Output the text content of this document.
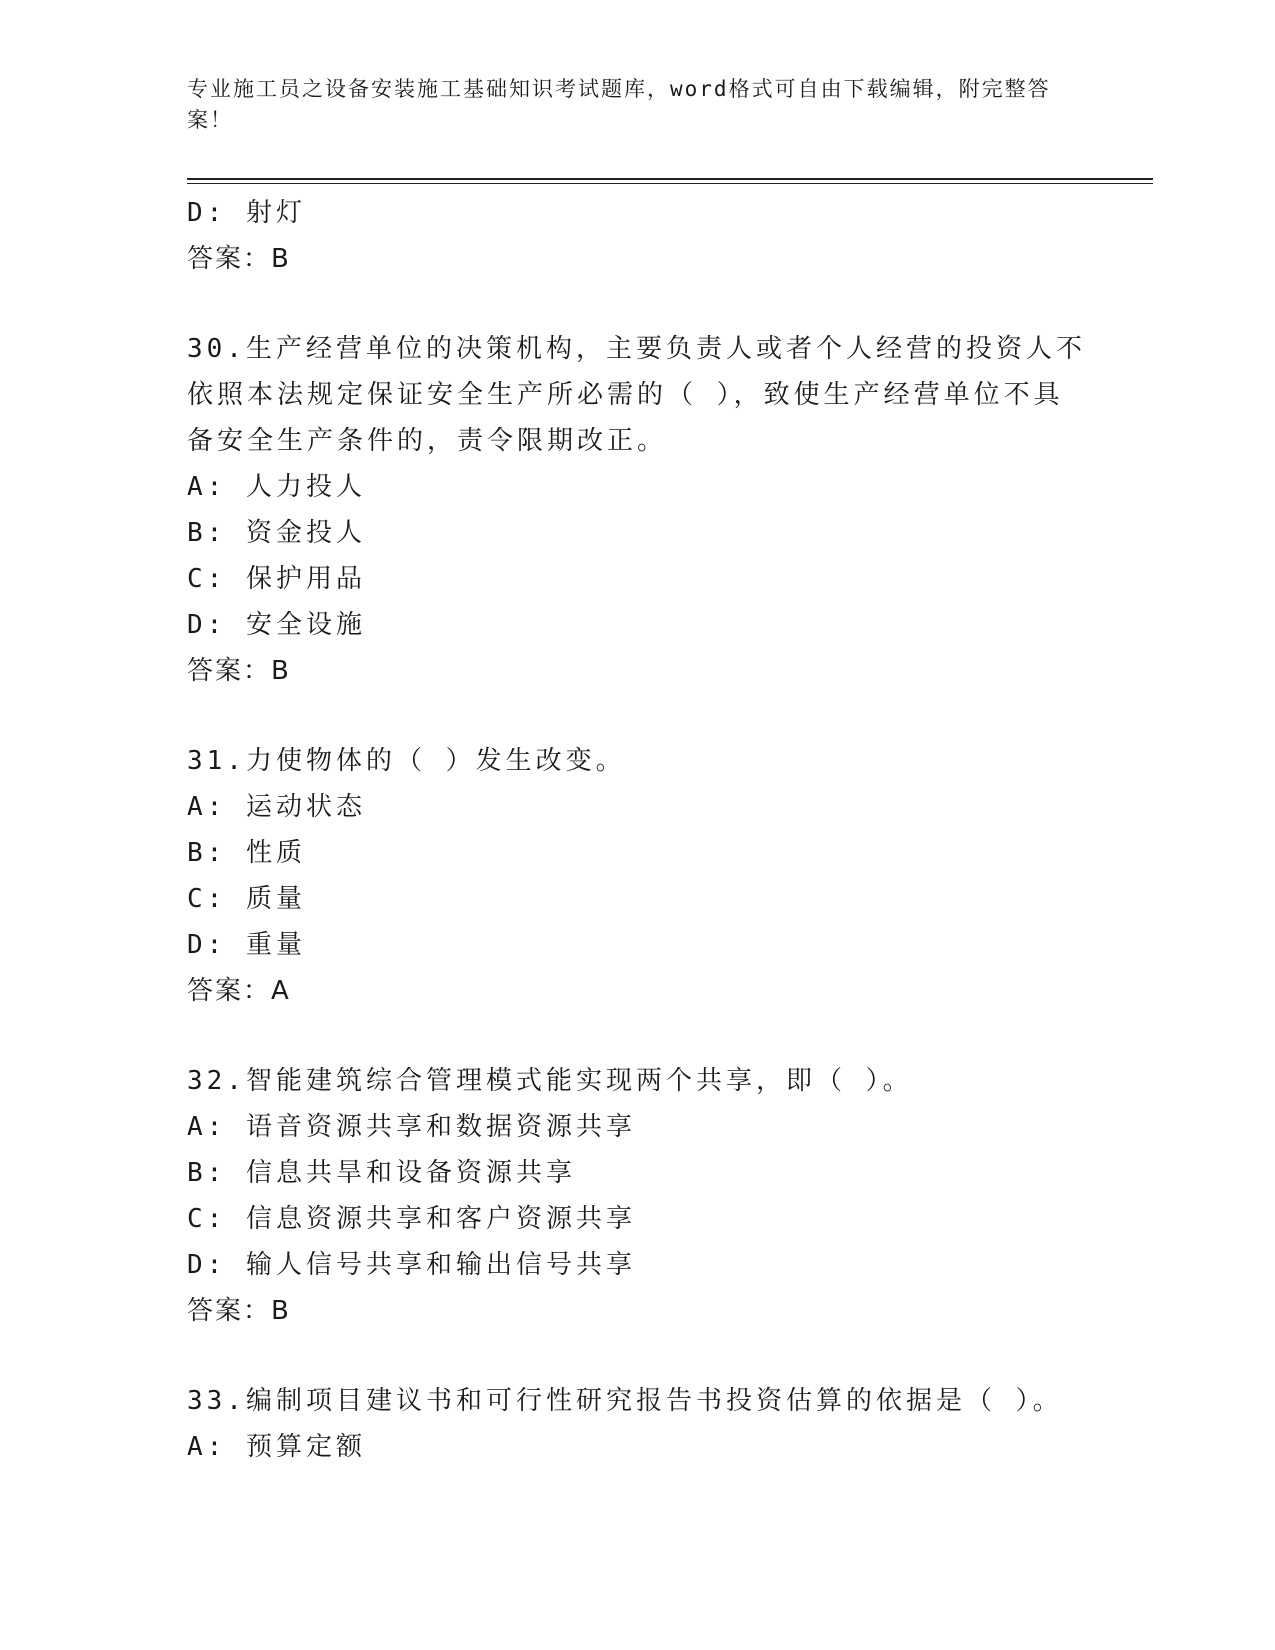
专业施工员之设备安装施工基础知识考试题库，word格式可自由下载编辑，附完整答案！
D: 射灯
答案：B
30.生产经营单位的决策机构，主要负责人或者个人经营的投资人不依照本法规定保证安全生产所必需的（ ），致使生产经营单位不具备安全生产条件的，责令限期改正。
A: 人力投人
B: 资金投人
C: 保护用品
D: 安全设施
答案：B
31.力使物体的（ ）发生改变。
A: 运动状态
B: 性质
C: 质量
D: 重量
答案：A
32.智能建筑综合管理模式能实现两个共享，即（ ）。
A: 语音资源共享和数据资源共享
B: 信息共旱和设备资源共享
C: 信息资源共享和客户资源共享
D: 输人信号共享和输出信号共享
答案：B
33.编制项目建议书和可行性研究报告书投资估算的依据是（ ）。
A: 预算定额
